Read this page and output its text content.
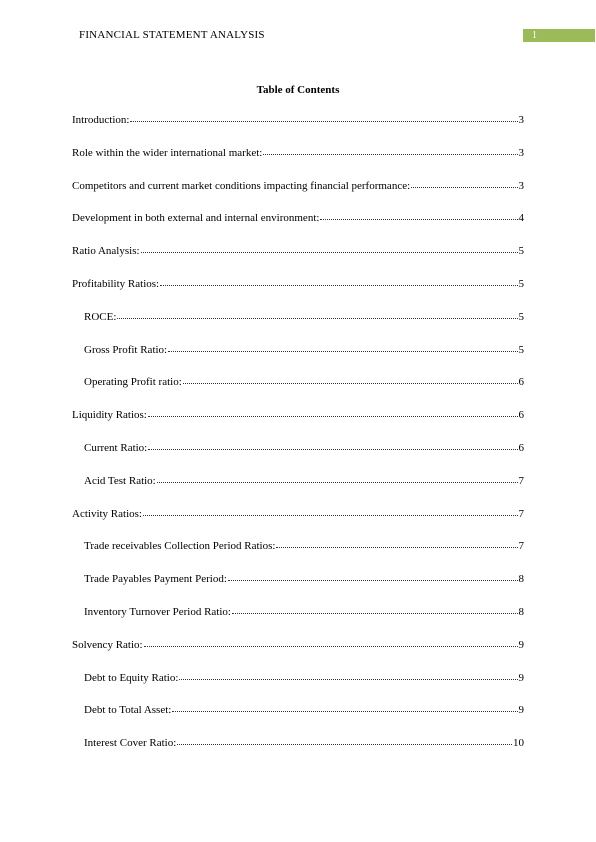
FINANCIAL STATEMENT ANALYSIS	1
Table of Contents
Introduction:	3
Role within the wider international market:	3
Competitors and current market conditions impacting financial performance:	3
Development in both external and internal environment:	4
Ratio Analysis:	5
Profitability Ratios:	5
ROCE:	5
Gross Profit Ratio:	5
Operating Profit ratio:	6
Liquidity Ratios:	6
Current Ratio:	6
Acid Test Ratio:	7
Activity Ratios:	7
Trade receivables Collection Period Ratios:	7
Trade Payables Payment Period:	8
Inventory Turnover Period Ratio:	8
Solvency Ratio:	9
Debt to Equity Ratio:	9
Debt to Total Asset:	9
Interest Cover Ratio:	10
